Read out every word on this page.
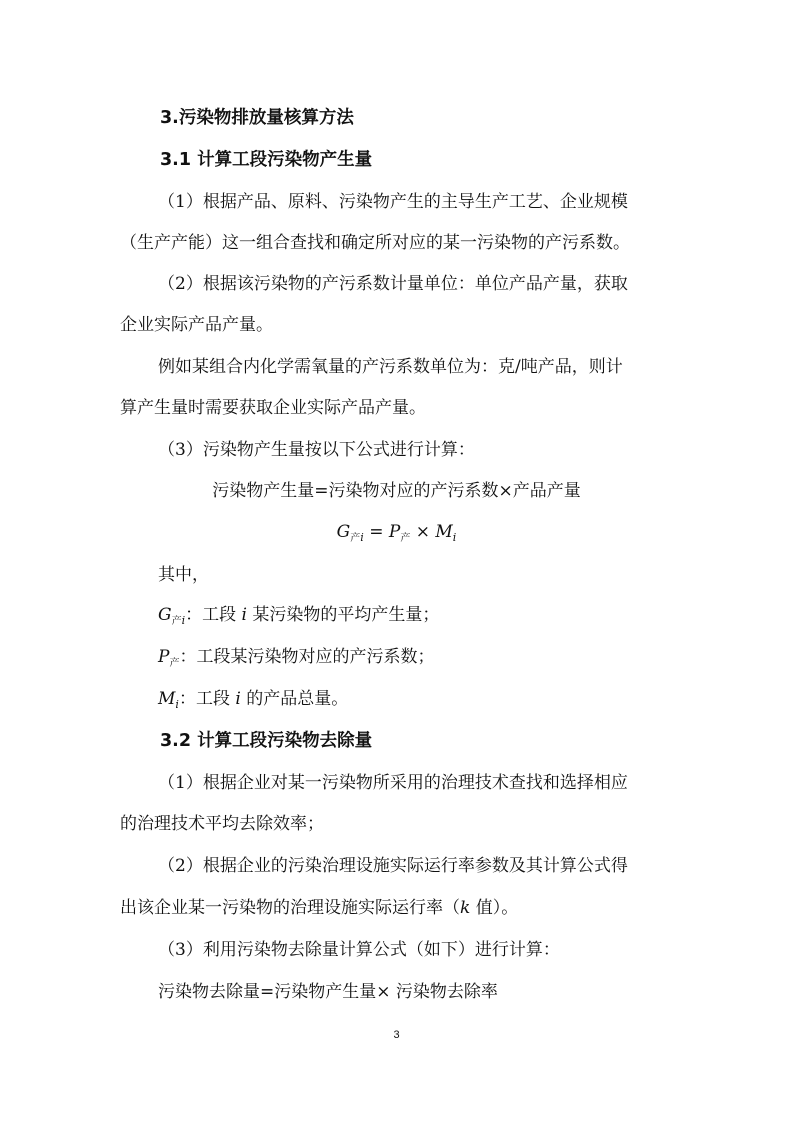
3.污染物排放量核算方法
3.1 计算工段污染物产生量
（1）根据产品、原料、污染物产生的主导生产工艺、企业规模
（生产产能）这一组合查找和确定所对应的某一污染物的产污系数。
（2）根据该污染物的产污系数计量单位：单位产品产量，获取
企业实际产品产量。
例如某组合内化学需氧量的产污系数单位为：克/吨产品，则计
算产生量时需要获取企业实际产品产量。
（3）污染物产生量按以下公式进行计算：
污染物产生量=污染物对应的产污系数×产品产量
$G_{产i} = P_产 \times M_i$
其中，
$G_{产i}$：工段 i 某污染物的平均产生量；
$P_产$：工段某污染物对应的产污系数；
$M_i$：工段 i 的产品总量。
3.2 计算工段污染物去除量
（1）根据企业对某一污染物所采用的治理技术查找和选择相应
的治理技术平均去除效率；
（2）根据企业的污染治理设施实际运行率参数及其计算公式得
出该企业某一污染物的治理设施实际运行率（k 值）。
（3）利用污染物去除量计算公式（如下）进行计算：
污染物去除量=污染物产生量× 污染物去除率
3
